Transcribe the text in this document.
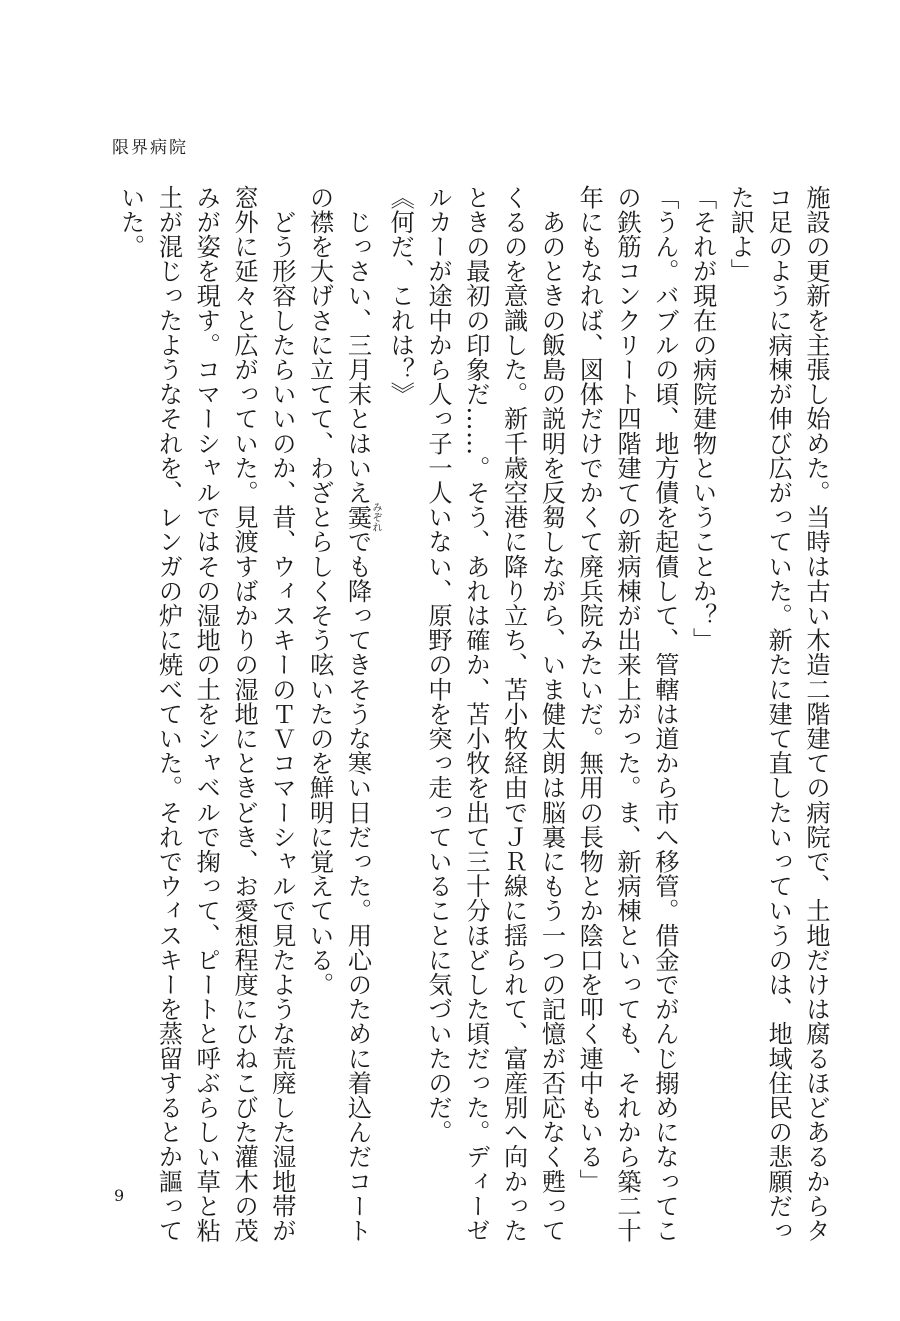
限界病院

施設の更新を主張し始めた。当時は古い木造二階建ての病院で、土地だけは腐るほどあるからタコ足のように病棟が伸び広がっていた。新たに建て直したいっていうのは、地域住民の悲願だった訳よ」

「それが現在の病院建物ということか？」

「うん。バブルの頃、地方債を起債して、管轄は道から市へ移管。借金でがんじ搦めになってこの鉄筋コンクリート四階建ての新病棟が出来上がった。ま、新病棟といっても、それから築二十年にもなれば、図体だけでかくて廃兵院みたいだ。無用の長物とか陰口を叩く連中もいる」

　あのときの飯島の説明を反芻しながら、いま健太朗は脳裏にもう一つの記憶が否応なく甦ってくるのを意識した。新千歳空港に降り立ち、苫小牧経由でＪＲ線に揺られて、富産別へ向かったときの最初の印象だ……。そう、あれは確か、苫小牧を出て三十分ほどした頃だった。ディーゼルカーが途中から人っ子一人いない、原野の中を突っ走っていることに気づいたのだ。

《何だ、これは？》

　じっさい、三月末とはいえ霙みぞれでも降ってきそうな寒い日だった。用心のために着込んだコートの襟を大げさに立てて、わざとらしくそう呟いたのを鮮明に覚えている。

　どう形容したらいいのか、昔、ウィスキーのＴＶコマーシャルで見たような荒廃した湿地帯が窓外に延々と広がっていた。見渡すばかりの湿地にときどき、お愛想程度にひねこびた灌木の茂みが姿を現す。コマーシャルではその湿地の土をシャベルで掬って、ピートと呼ぶらしい草と粘土が混じったようなそれを、レンガの炉に焼べていた。それでウィスキーを蒸留するとか謳っていた。

9
